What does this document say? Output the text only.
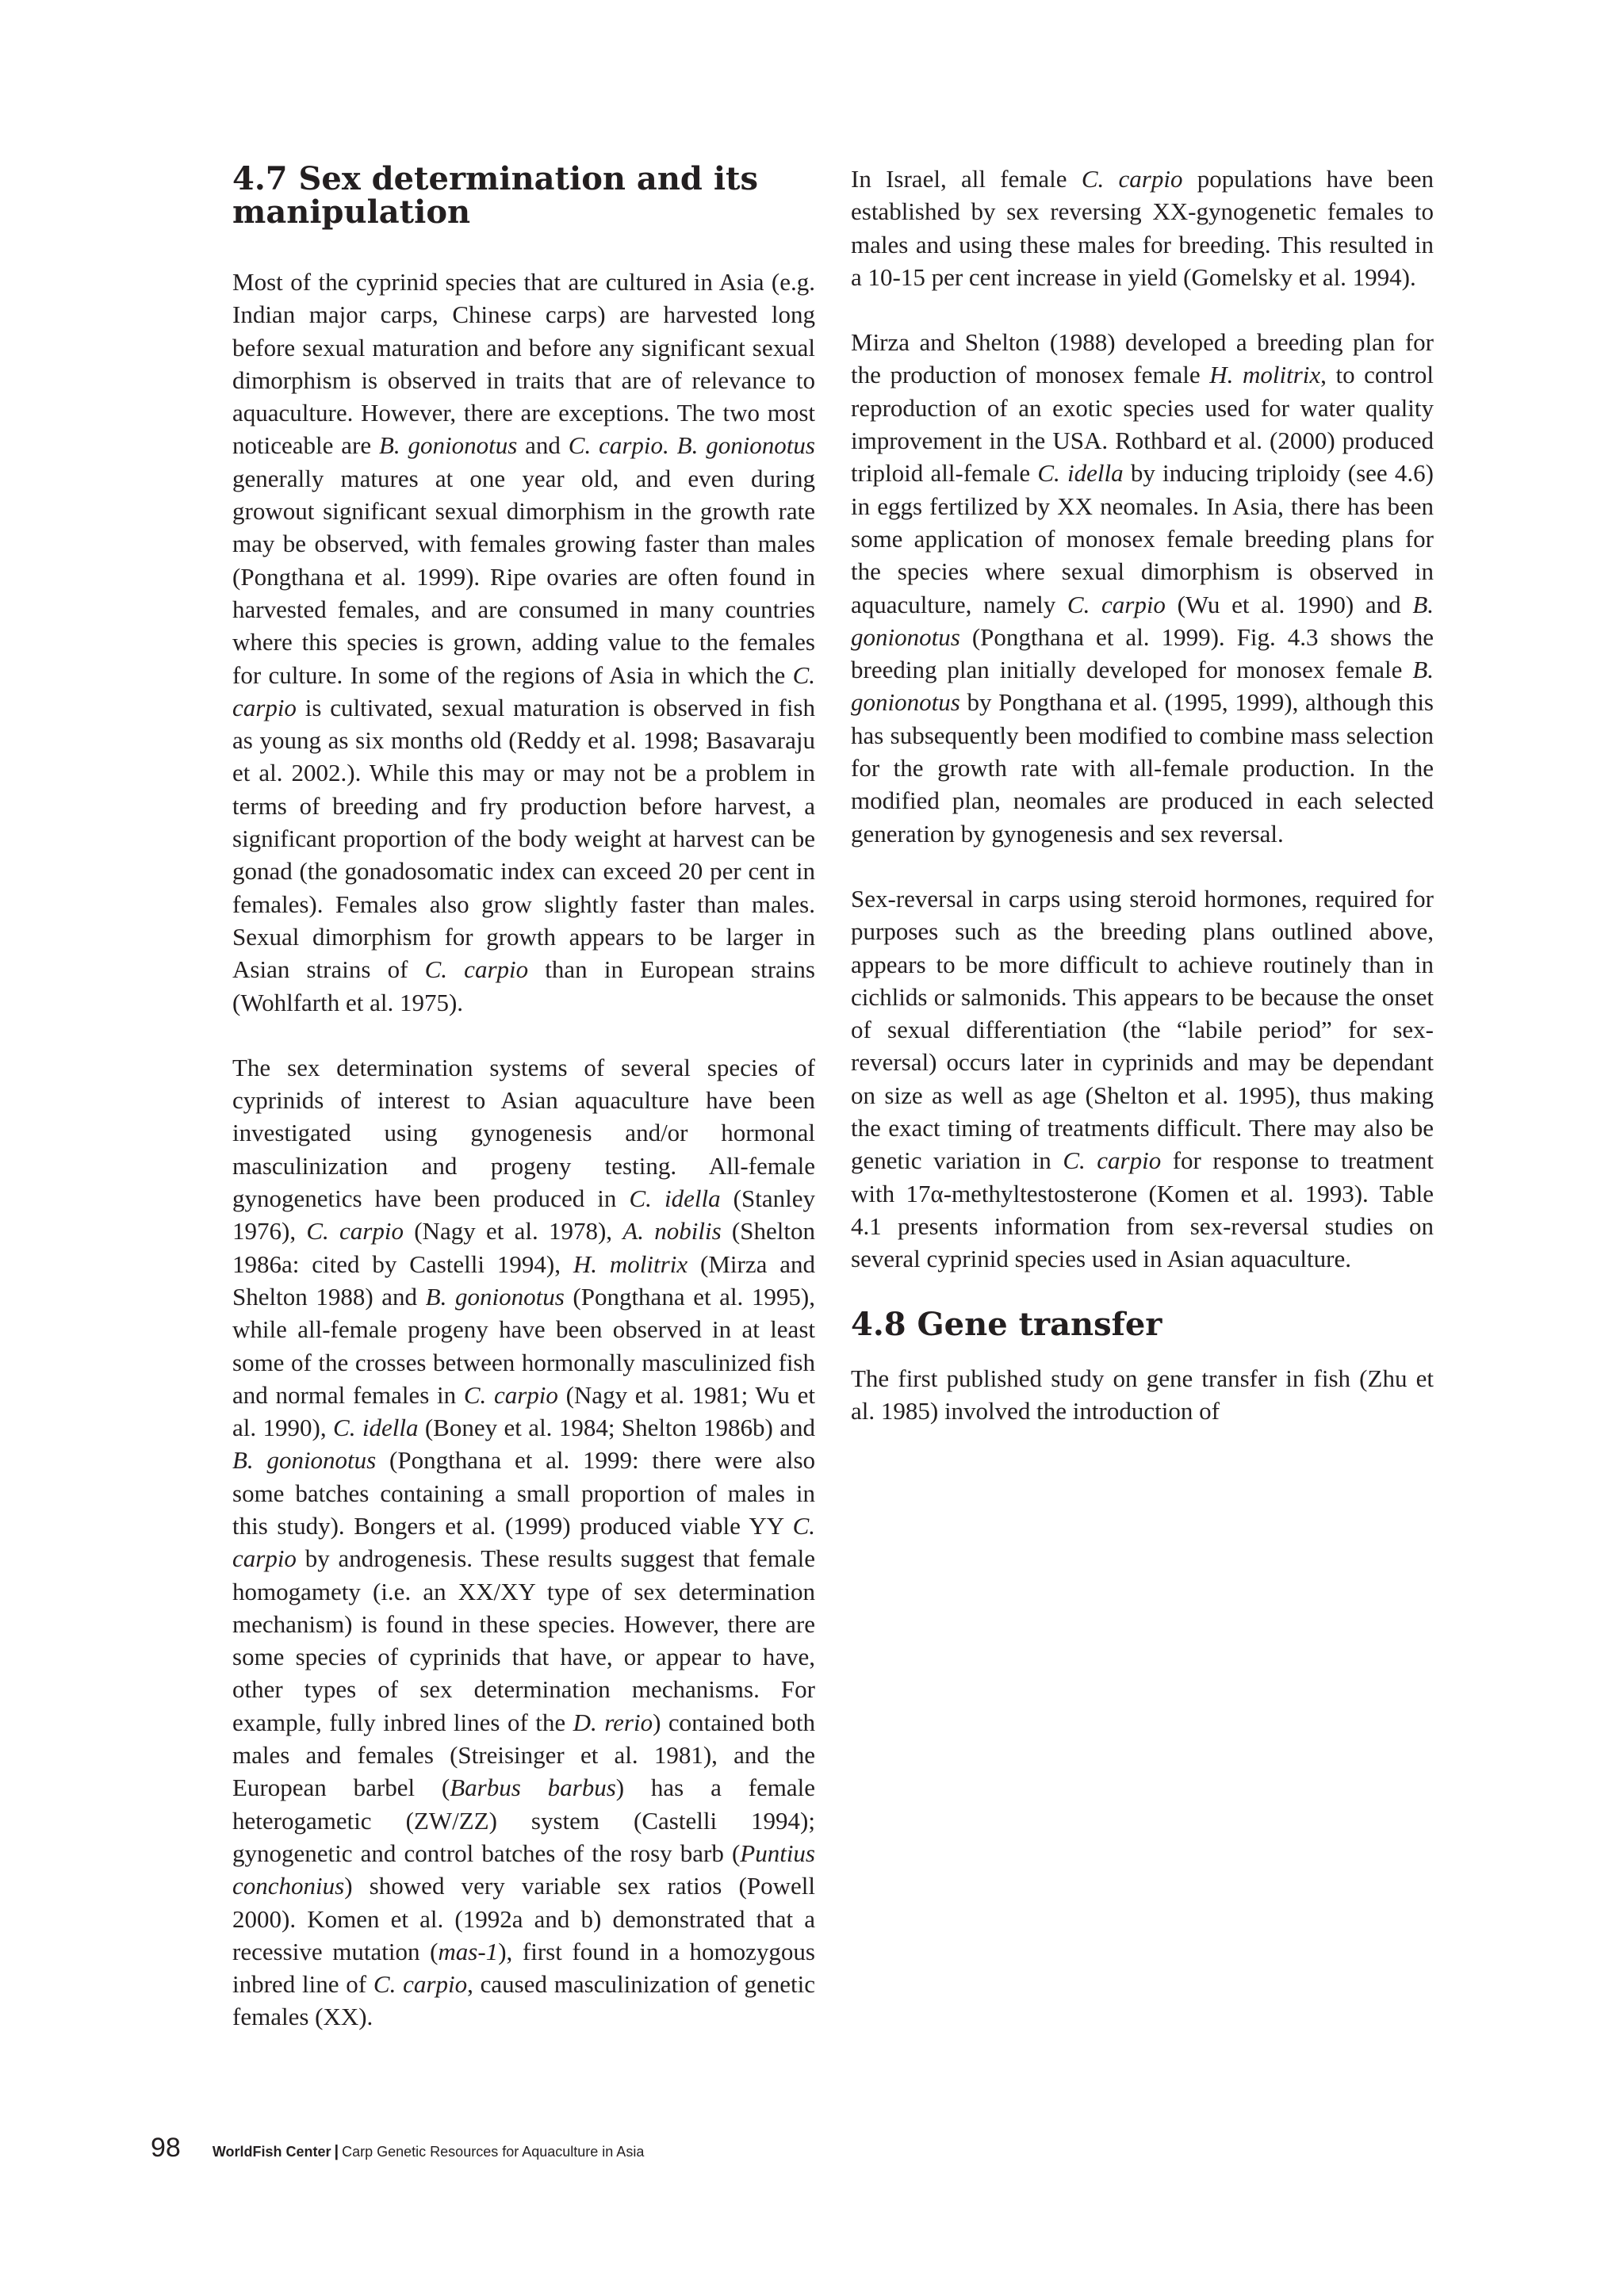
4.7 Sex determination and its manipulation

Most of the cyprinid species that are cultured in Asia (e.g. Indian major carps, Chinese carps) are harvested long before sexual maturation and before any significant sexual dimorphism is observed in traits that are of relevance to aquaculture. However, there are exceptions. The two most noticeable are B. gonionotus and C. carpio. B. gonionotus generally matures at one year old, and even during growout significant sexual dimorphism in the growth rate may be observed, with females growing faster than males (Pongthana et al. 1999). Ripe ovaries are often found in harvested females, and are consumed in many countries where this species is grown, adding value to the females for culture. In some of the regions of Asia in which the C. carpio is cultivated, sexual maturation is observed in fish as young as six months old (Reddy et al. 1998; Basavaraju et al. 2002.). While this may or may not be a problem in terms of breeding and fry production before harvest, a significant proportion of the body weight at harvest can be gonad (the gonadosomatic index can exceed 20 per cent in females). Females also grow slightly faster than males. Sexual dimorphism for growth appears to be larger in Asian strains of C. carpio than in European strains (Wohlfarth et al. 1975).

The sex determination systems of several species of cyprinids of interest to Asian aquaculture have been investigated using gynogenesis and/or hormonal masculinization and progeny testing. All-female gynogenetics have been produced in C. idella (Stanley 1976), C. carpio (Nagy et al. 1978), A. nobilis (Shelton 1986a: cited by Castelli 1994), H. molitrix (Mirza and Shelton 1988) and B. gonionotus (Pongthana et al. 1995), while all-female progeny have been observed in at least some of the crosses between hormonally masculinized fish and normal females in C. carpio (Nagy et al. 1981; Wu et al. 1990), C. idella (Boney et al. 1984; Shelton 1986b) and B. gonionotus (Pongthana et al. 1999: there were also some batches containing a small proportion of males in this study). Bongers et al. (1999) produced viable YY C. carpio by androgenesis. These results suggest that female homogamety (i.e. an XX/XY type of sex determination mechanism) is found in these species. However, there are some species of cyprinids that have, or appear to have, other types of sex determination mechanisms. For example, fully inbred lines of the D. rerio) contained both males and females (Streisinger et al. 1981), and the European barbel (Barbus barbus) has a female heterogametic (ZW/ZZ) system (Castelli 1994); gynogenetic and control batches of the rosy barb (Puntius conchonius) showed very variable sex ratios (Powell 2000). Komen et al. (1992a and b) demonstrated that a recessive mutation (mas-1), first found in a homozygous inbred line of C. carpio, caused masculinization of genetic females (XX).

In Israel, all female C. carpio populations have been established by sex reversing XX-gynogenetic females to males and using these males for breeding. This resulted in a 10-15 per cent increase in yield (Gomelsky et al. 1994).

Mirza and Shelton (1988) developed a breeding plan for the production of monosex female H. molitrix, to control reproduction of an exotic species used for water quality improvement in the USA. Rothbard et al. (2000) produced triploid all-female C. idella by inducing triploidy (see 4.6) in eggs fertilized by XX neomales. In Asia, there has been some application of monosex female breeding plans for the species where sexual dimorphism is observed in aquaculture, namely C. carpio (Wu et al. 1990) and B. gonionotus (Pongthana et al. 1999). Fig. 4.3 shows the breeding plan initially developed for monosex female B. gonionotus by Pongthana et al. (1995, 1999), although this has subsequently been modified to combine mass selection for the growth rate with all-female production. In the modified plan, neomales are produced in each selected generation by gynogenesis and sex reversal.

Sex-reversal in carps using steroid hormones, required for purposes such as the breeding plans outlined above, appears to be more difficult to achieve routinely than in cichlids or salmonids. This appears to be because the onset of sexual differentiation (the “labile period” for sex-reversal) occurs later in cyprinids and may be dependant on size as well as age (Shelton et al. 1995), thus making the exact timing of treatments difficult. There may also be genetic variation in C. carpio for response to treatment with 17α-methyltestosterone (Komen et al. 1993). Table 4.1 presents information from sex-reversal studies on several cyprinid species used in Asian aquaculture.

4.8 Gene transfer

The first published study on gene transfer in fish (Zhu et al. 1985) involved the introduction of

98 WorldFish Center | Carp Genetic Resources for Aquaculture in Asia
